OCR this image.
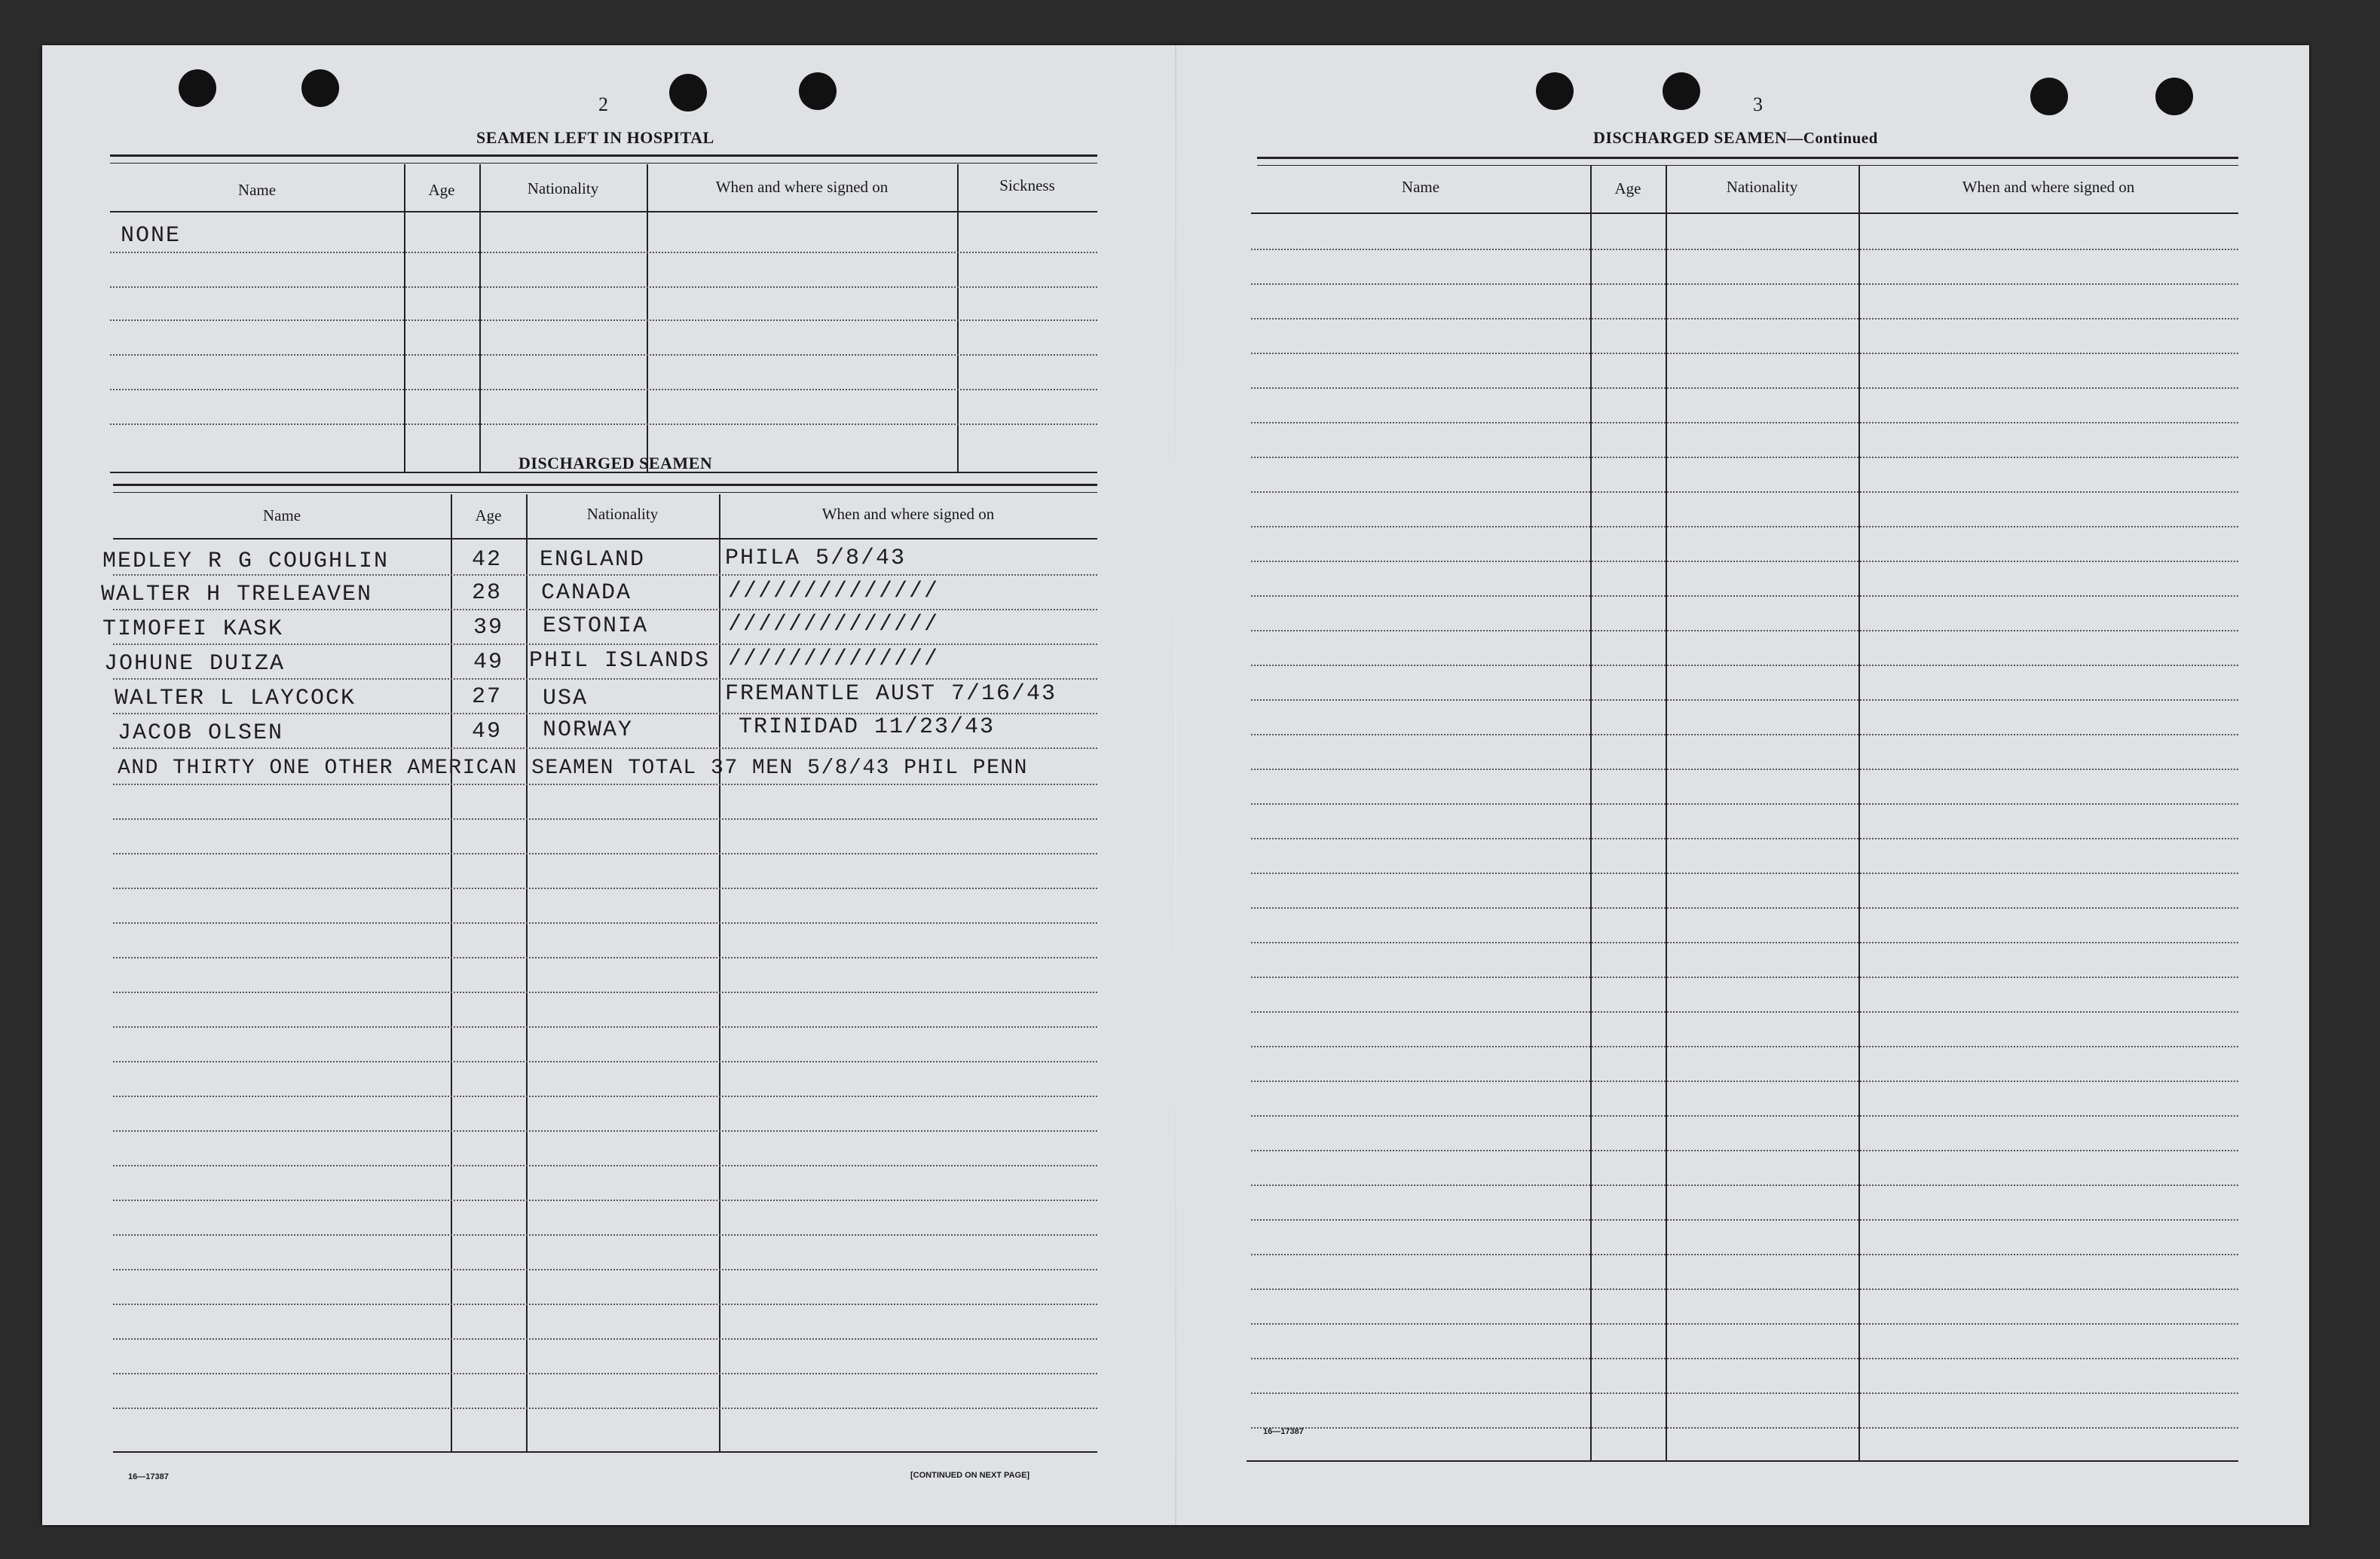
2
SEAMEN LEFT IN HOSPITAL
Name	Age	Nationality	When and where signed on	Sickness
NONE
DISCHARGED SEAMEN
Name	Age	Nationality	When and where signed on
MEDLEY R G COUGHLIN	42 ENGLAND	PHILA 5/8/43
WALTER H TRELEAVEN	28 CANADA	//////////////
TIMOFEI KASK	39 ESTONIA	//////////////
JOHUNE DUIZA	49 PHIL ISLANDS //////////////
WALTER L LAYCOCK	27 USA	FREMANTLE AUST 7/16/43
JACOB OLSEN	49 NORWAY	TRINIDAD 11/23/43
AND THIRTY ONE OTHER AMERICAN SEAMEN TOTAL 37 MEN 5/8/43 PHIL PENN
16—17387	[CONTINUED ON NEXT PAGE]
3
DISCHARGED SEAMEN—Continued
Name	Age	Nationality	When and where signed on
16—17387
